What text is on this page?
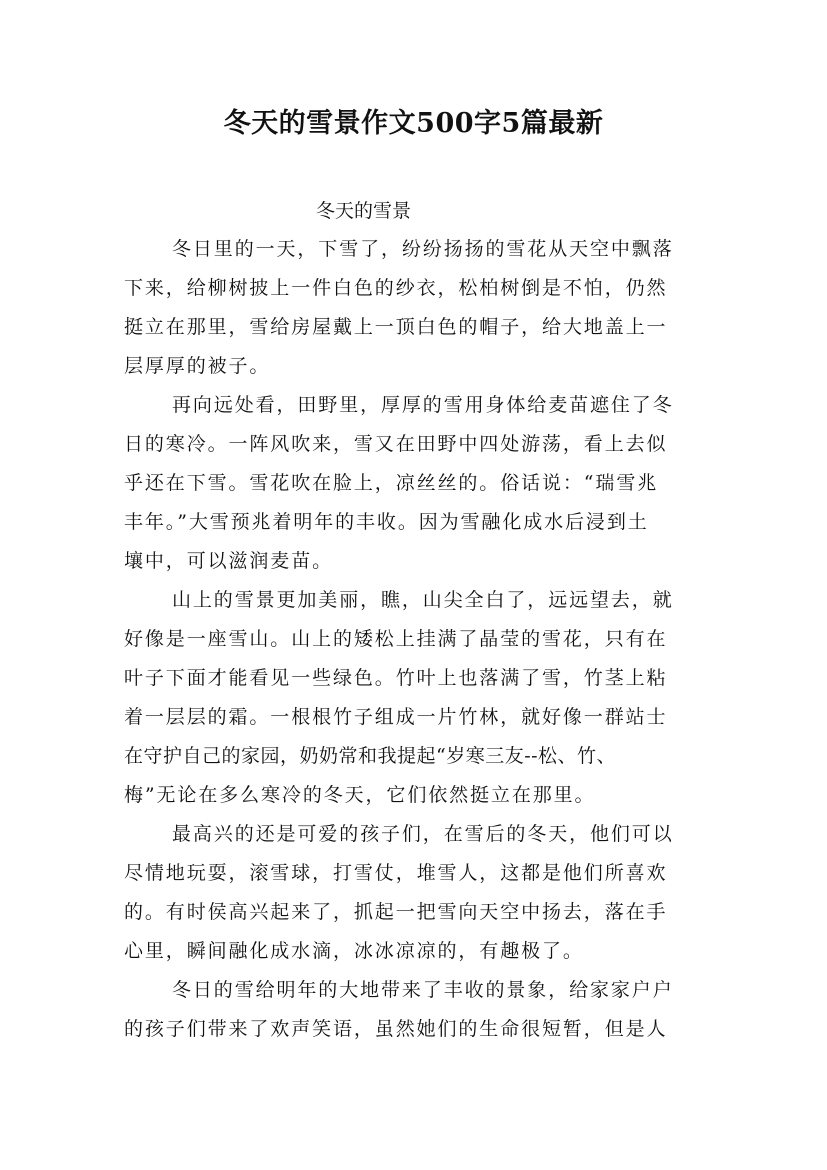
冬天的雪景作文500字5篇最新
冬天的雪景
冬日里的一天，下雪了，纷纷扬扬的雪花从天空中飘落
下来，给柳树披上一件白色的纱衣，松柏树倒是不怕，仍然
挺立在那里，雪给房屋戴上一顶白色的帽子，给大地盖上一
层厚厚的被子。
再向远处看，田野里，厚厚的雪用身体给麦苗遮住了冬
日的寒冷。一阵风吹来，雪又在田野中四处游荡，看上去似
乎还在下雪。雪花吹在脸上，凉丝丝的。俗话说：“瑞雪兆
丰年。”大雪预兆着明年的丰收。因为雪融化成水后浸到土
壤中，可以滋润麦苗。
山上的雪景更加美丽，瞧，山尖全白了，远远望去，就
好像是一座雪山。山上的矮松上挂满了晶莹的雪花，只有在
叶子下面才能看见一些绿色。竹叶上也落满了雪，竹茎上粘
着一层层的霜。一根根竹子组成一片竹林，就好像一群站士
在守护自己的家园，奶奶常和我提起“岁寒三友--松、竹、
梅”无论在多么寒冷的冬天，它们依然挺立在那里。
最高兴的还是可爱的孩子们，在雪后的冬天，他们可以
尽情地玩耍，滚雪球，打雪仗，堆雪人，这都是他们所喜欢
的。有时侯高兴起来了，抓起一把雪向天空中扬去，落在手
心里，瞬间融化成水滴，冰冰凉凉的，有趣极了。
冬日的雪给明年的大地带来了丰收的景象，给家家户户
的孩子们带来了欢声笑语，虽然她们的生命很短暂，但是人
